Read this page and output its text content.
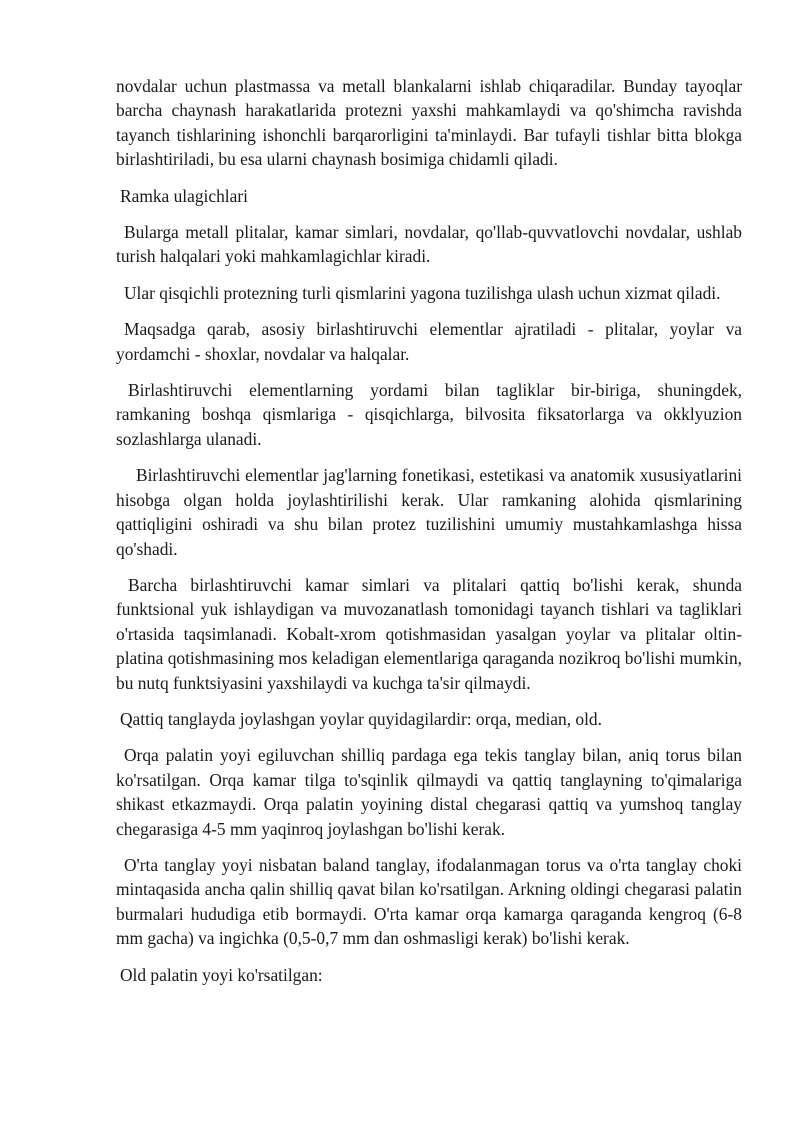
novdalar uchun plastmassa va metall blankalarni ishlab chiqaradilar. Bunday tayoqlar barcha chaynash harakatlarida protezni yaxshi mahkamlaydi va qo'shimcha ravishda tayanch tishlarining ishonchli barqarorligini ta'minlaydi. Bar tufayli tishlar bitta blokga birlashtiriladi, bu esa ularni chaynash bosimiga chidamli qiladi.

Ramka ulagichlari

Bularga metall plitalar, kamar simlari, novdalar, qo'llab-quvvatlovchi novdalar, ushlab turish halqalari yoki mahkamlagichlar kiradi.

Ular qisqichli protezning turli qismlarini yagona tuzilishga ulash uchun xizmat qiladi.

Maqsadga qarab, asosiy birlashtiruvchi elementlar ajratiladi - plitalar, yoylar va yordamchi - shoxlar, novdalar va halqalar.

Birlashtiruvchi elementlarning yordami bilan tagliklar bir-biriga, shuningdek, ramkaning boshqa qismlariga - qisqichlarga, bilvosita fiksatorlarga va okklyuzion sozlashlarga ulanadi.

Birlashtiruvchi elementlar jag'larning fonetikasi, estetikasi va anatomik xususiyatlarini hisobga olgan holda joylashtirilishi kerak. Ular ramkaning alohida qismlarining qattiqligini oshiradi va shu bilan protez tuzilishini umumiy mustahkamlashga hissa qo'shadi.

Barcha birlashtiruvchi kamar simlari va plitalari qattiq bo'lishi kerak, shunda funktsional yuk ishlaydigan va muvozanatlash tomonidagi tayanch tishlari va tagliklari o'rtasida taqsimlanadi. Kobalt-xrom qotishmasidan yasalgan yoylar va plitalar oltin-platina qotishmasining mos keladigan elementlariga qaraganda nozikroq bo'lishi mumkin, bu nutq funktsiyasini yaxshilaydi va kuchga ta'sir qilmaydi.

Qattiq tanglayda joylashgan yoylar quyidagilardir: orqa, median, old.

Orqa palatin yoyi egiluvchan shilliq pardaga ega tekis tanglay bilan, aniq torus bilan ko'rsatilgan. Orqa kamar tilga to'sqinlik qilmaydi va qattiq tanglayning to'qimalariga shikast etkazmaydi. Orqa palatin yoyining distal chegarasi qattiq va yumshoq tanglay chegarasiga 4-5 mm yaqinroq joylashgan bo'lishi kerak.

O'rta tanglay yoyi nisbatan baland tanglay, ifodalanmagan torus va o'rta tanglay choki mintaqasida ancha qalin shilliq qavat bilan ko'rsatilgan. Arkning oldingi chegarasi palatin burmalari hududiga etib bormaydi. O'rta kamar orqa kamarga qaraganda kengroq (6-8 mm gacha) va ingichka (0,5-0,7 mm dan oshmasligi kerak) bo'lishi kerak.

Old palatin yoyi ko'rsatilgan:
